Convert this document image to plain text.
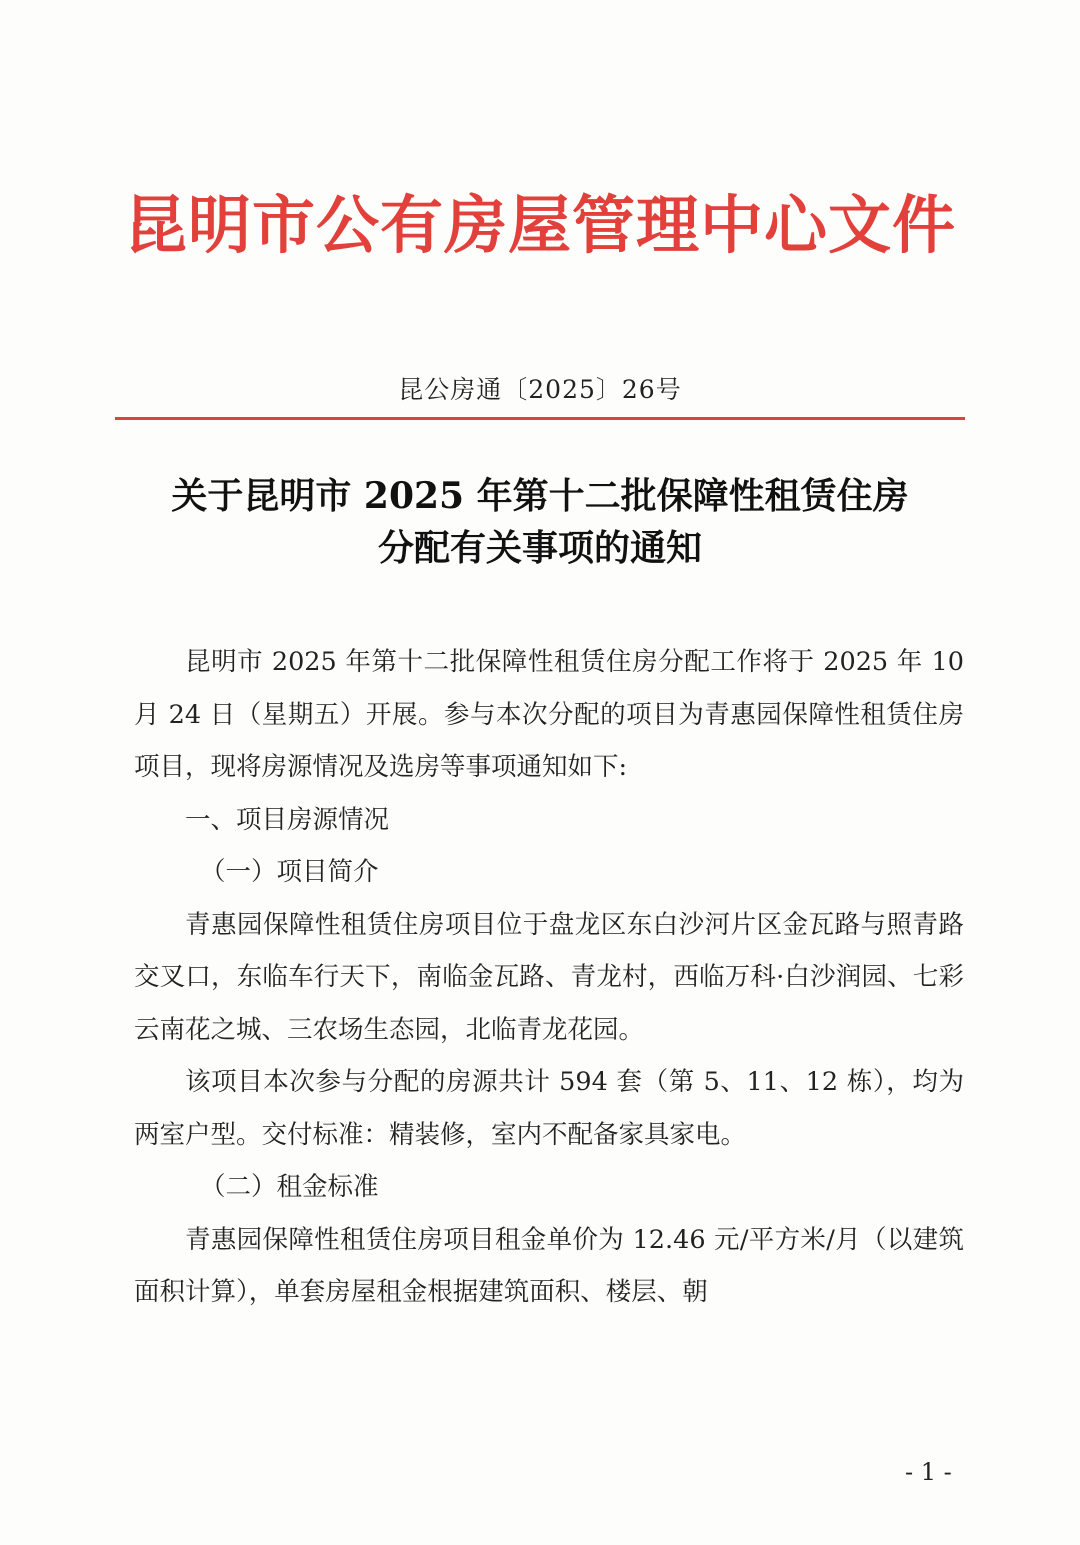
昆明市公有房屋管理中心文件
昆公房通〔2025〕26号
关于昆明市 2025 年第十二批保障性租赁住房
分配有关事项的通知

昆明市 2025 年第十二批保障性租赁住房分配工作将于 2025 年 10 月 24 日（星期五）开展。参与本次分配的项目为青惠园保障性租赁住房项目，现将房源情况及选房等事项通知如下:

一、项目房源情况

（一）项目简介

青惠园保障性租赁住房项目位于盘龙区东白沙河片区金瓦路与照青路交叉口，东临车行天下，南临金瓦路、青龙村，西临万科·白沙润园、七彩云南花之城、三农场生态园，北临青龙花园。

该项目本次参与分配的房源共计 594 套（第 5、11、12 栋），均为两室户型。交付标准：精装修，室内不配备家具家电。

（二）租金标准

青惠园保障性租赁住房项目租金单价为 12.46 元/平方米/月（以建筑面积计算），单套房屋租金根据建筑面积、楼层、朝

- 1 -
